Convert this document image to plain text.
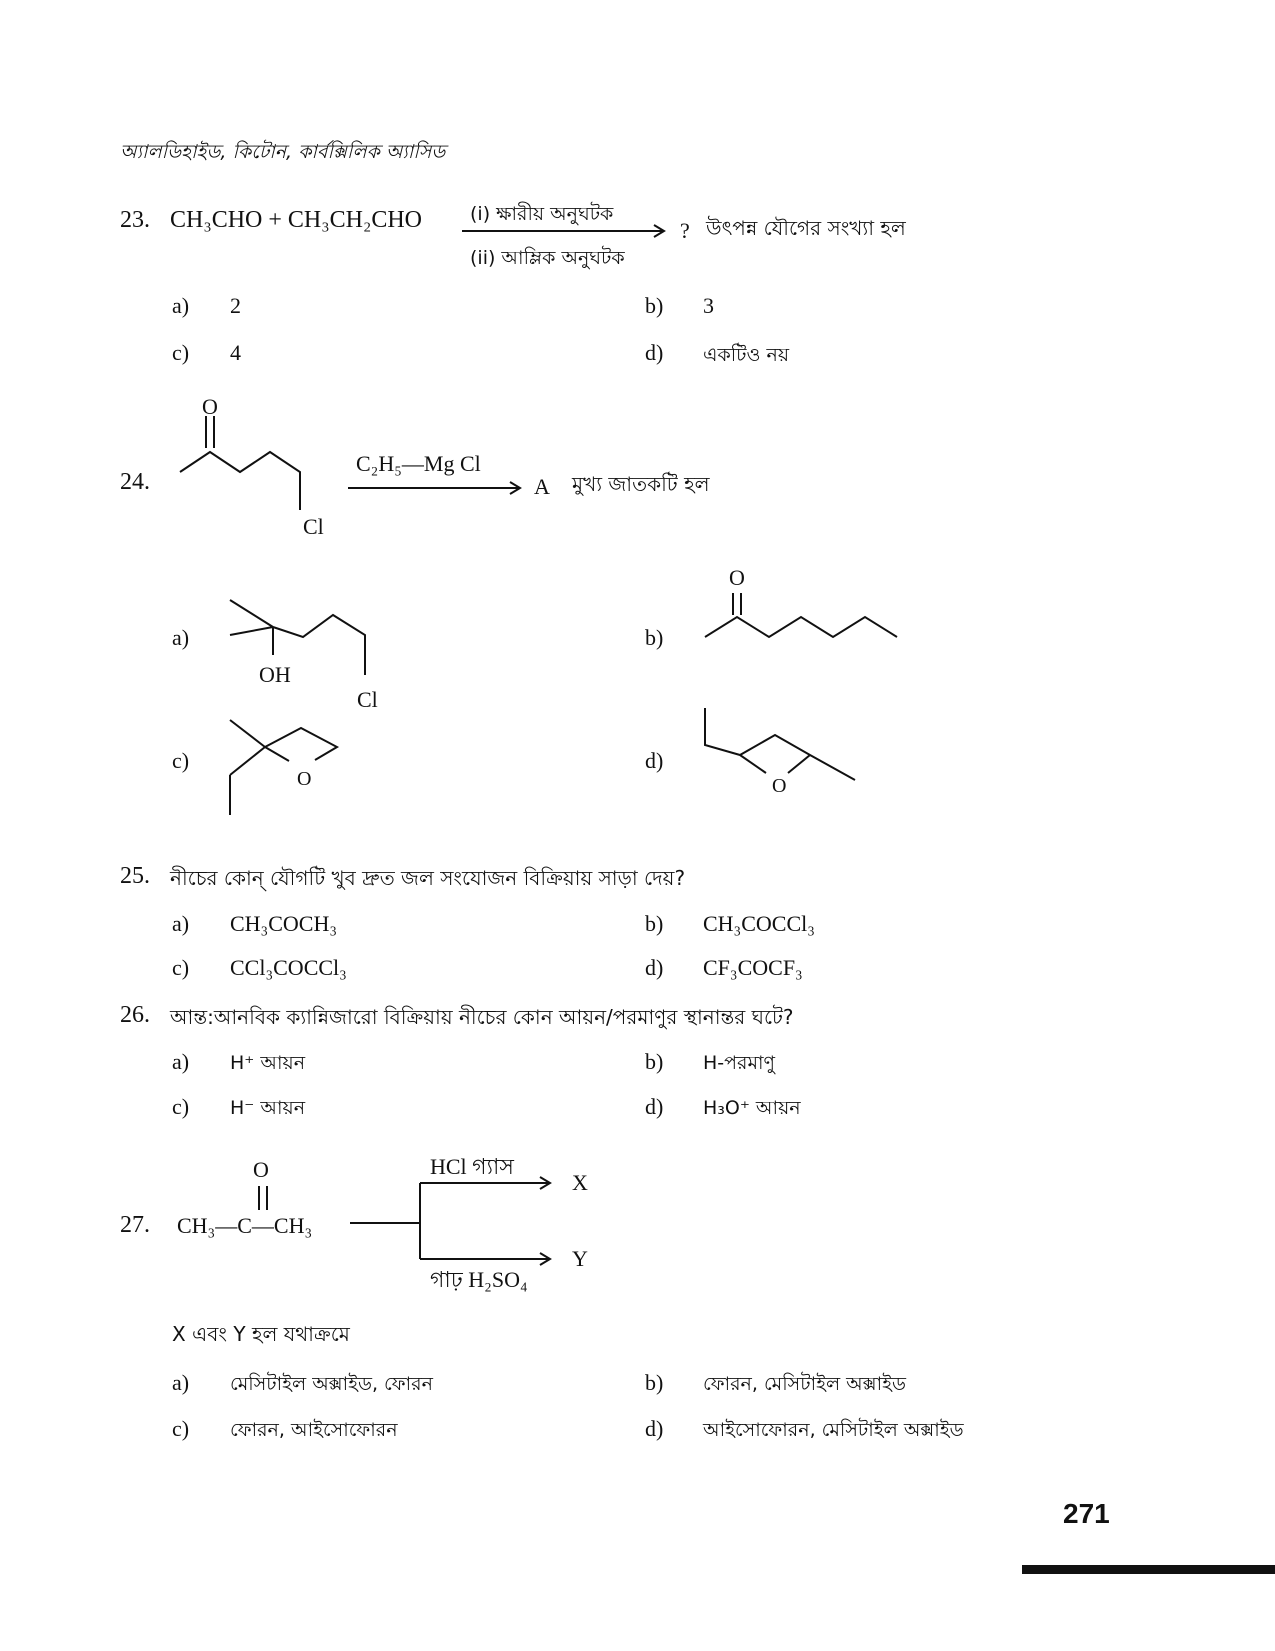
অ্যালডিহাইড, কিটোন, কার্বক্সিলিক অ্যাসিড
23. CH₃CHO + CH₃CH₂CHO	(i) ক্ষারীয় অনুঘটক
(ii) আম্লিক অনুঘটক
? উৎপন্ন যৌগের সংখ্যা হল
a) 2	b) 3
c) 4	d) একটিও নয়
24.
O
Cl
C₂H₅—Mg Cl
A মুখ্য জাতকটি হল
a)
OH
Cl
b)
O
c)
O
d)
O
25. নীচের কোন্ যৌগটি খুব দ্রুত জল সংযোজন বিক্রিয়ায় সাড়া দেয়?
a) CH₃COCH₃	b) CH₃COCCl₃
c) CCl₃COCCl₃	d) CF₃COCF₃
26. আন্ত:আনবিক ক্যান্নিজারো বিক্রিয়ায় নীচের কোন আয়ন/পরমাণুর স্থানান্তর ঘটে?
a) H⁺ আয়ন	b) H-পরমাণু
c) H⁻ আয়ন	d) H₃O⁺ আয়ন
27.
O
CH₃—C—CH₃
HCl গ্যাস
X
Y
গাঢ় H₂SO₄
X এবং Y হল যথাক্রমে
a) মেসিটাইল অক্সাইড, ফোরন	b) ফোরন, মেসিটাইল অক্সাইড
c) ফোরন, আইসোফোরন	d) আইসোফোরন, মেসিটাইল অক্সাইড
271
